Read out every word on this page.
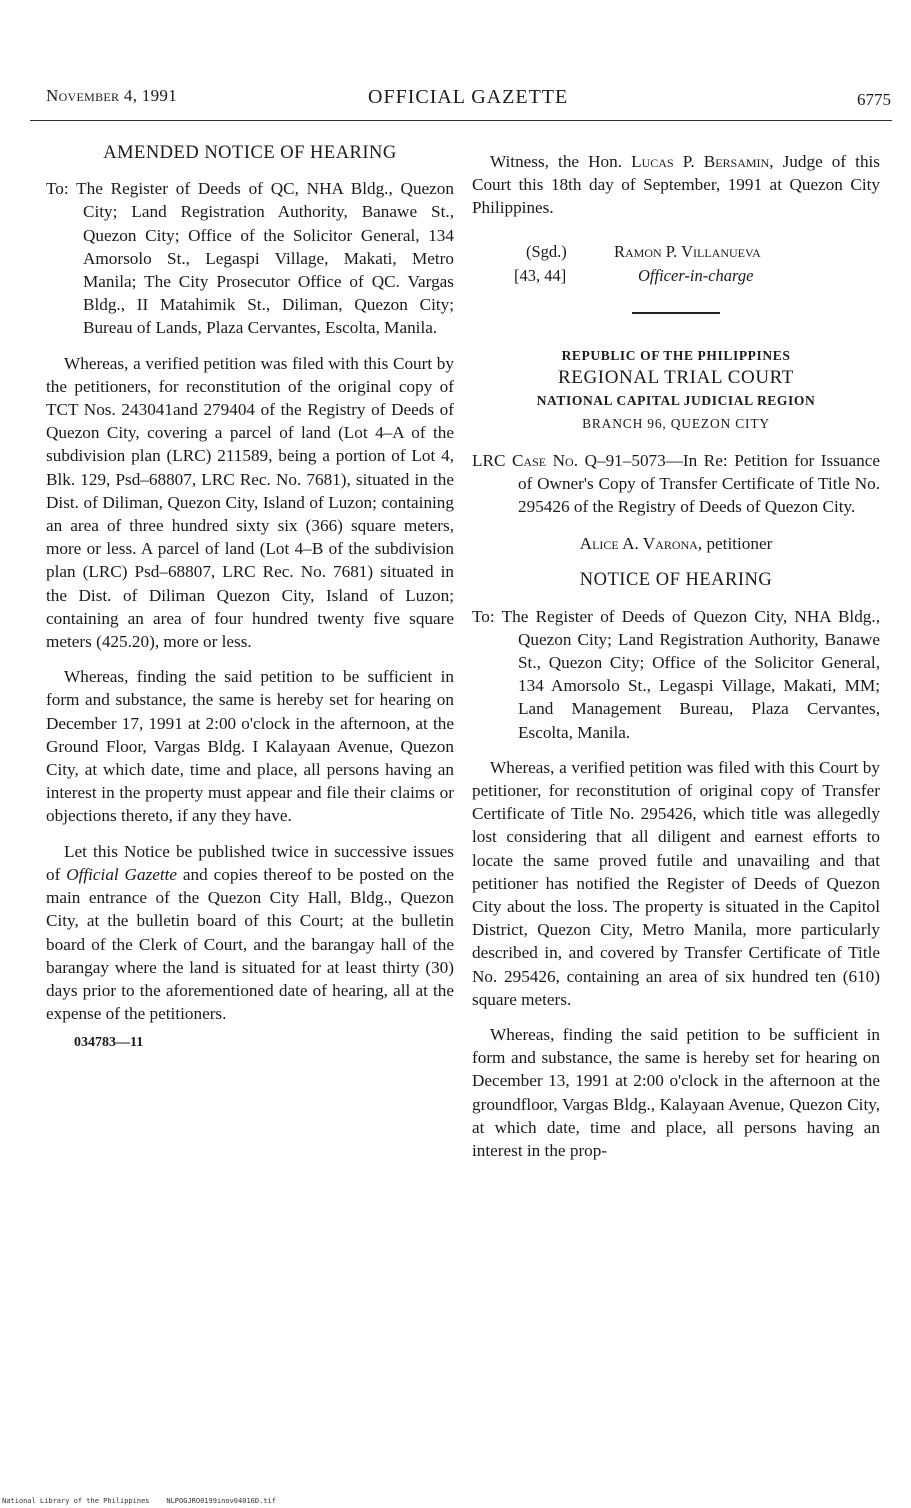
November 4, 1991	OFFICIAL GAZETTE	6775

AMENDED NOTICE OF HEARING

To: The Register of Deeds of QC, NHA Bldg., Quezon City; Land Registration Authority, Banawe St., Quezon City; Office of the Solicitor General, 134 Amorsolo St., Legaspi Village, Makati, Metro Manila; The City Prosecutor Office of QC. Vargas Bldg., II Matahimik St., Diliman, Quezon City; Bureau of Lands, Plaza Cervantes, Escolta, Manila.

Whereas, a verified petition was filed with this Court by the petitioners, for reconstitution of the original copy of TCT Nos. 243041and 279404 of the Registry of Deeds of Quezon City, covering a parcel of land (Lot 4–A of the subdivision plan (LRC) 211589, being a portion of Lot 4, Blk. 129, Psd–68807, LRC Rec. No. 7681), situated in the Dist. of Diliman, Quezon City, Island of Luzon; containing an area of three hundred sixty six (366) square meters, more or less. A parcel of land (Lot 4–B of the subdivision plan (LRC) Psd–68807, LRC Rec. No. 7681) situated in the Dist. of Diliman Quezon City, Island of Luzon; containing an area of four hundred twenty five square meters (425.20), more or less.

Whereas, finding the said petition to be sufficient in form and substance, the same is hereby set for hearing on December 17, 1991 at 2:00 o'clock in the afternoon, at the Ground Floor, Vargas Bldg. I Kalayaan Avenue, Quezon City, at which date, time and place, all persons having an interest in the property must appear and file their claims or objections thereto, if any they have.

Let this Notice be published twice in successive issues of Official Gazette and copies thereof to be posted on the main entrance of the Quezon City Hall, Bldg., Quezon City, at the bulletin board of this Court; at the bulletin board of the Clerk of Court, and the barangay hall of the barangay where the land is situated for at least thirty (30) days prior to the aforementioned date of hearing, all at the expense of the petitioners.

034783—11

Witness, the Hon. Lucas P. Bersamin, Judge of this Court this 18th day of September, 1991 at Quezon City Philippines.

(Sgd.)
[43, 44]
Ramon P. Villanueva
Officer-in-charge

REPUBLIC OF THE PHILIPPINES

REGIONAL TRIAL COURT

NATIONAL CAPITAL JUDICIAL REGION

BRANCH 96, QUEZON CITY

LRC Case No. Q–91–5073—In Re: Petition for Issuance of Owner's Copy of Transfer Certificate of Title No. 295426 of the Registry of Deeds of Quezon City.

Alice A. Varona, petitioner

NOTICE OF HEARING

To: The Register of Deeds of Quezon City, NHA Bldg., Quezon City; Land Registration Authority, Banawe St., Quezon City; Office of the Solicitor General, 134 Amorsolo St., Legaspi Village, Makati, MM; Land Management Bureau, Plaza Cervantes, Escolta, Manila.

Whereas, a verified petition was filed with this Court by petitioner, for reconstitution of original copy of Transfer Certificate of Title No. 295426, which title was allegedly lost considering that all diligent and earnest efforts to locate the same proved futile and unavailing and that petitioner has notified the Register of Deeds of Quezon City about the loss. The property is situated in the Capitol District, Quezon City, Metro Manila, more particularly described in, and covered by Transfer Certificate of Title No. 295426, containing an area of six hundred ten (610) square meters.

Whereas, finding the said petition to be sufficient in form and substance, the same is hereby set for hearing on December 13, 1991 at 2:00 o'clock in the afternoon at the groundfloor, Vargas Bldg., Kalayaan Avenue, Quezon City, at which date, time and place, all persons having an interest in the prop-

National Library of the Philippines NLPOGJRO0199inov04016D.tif
